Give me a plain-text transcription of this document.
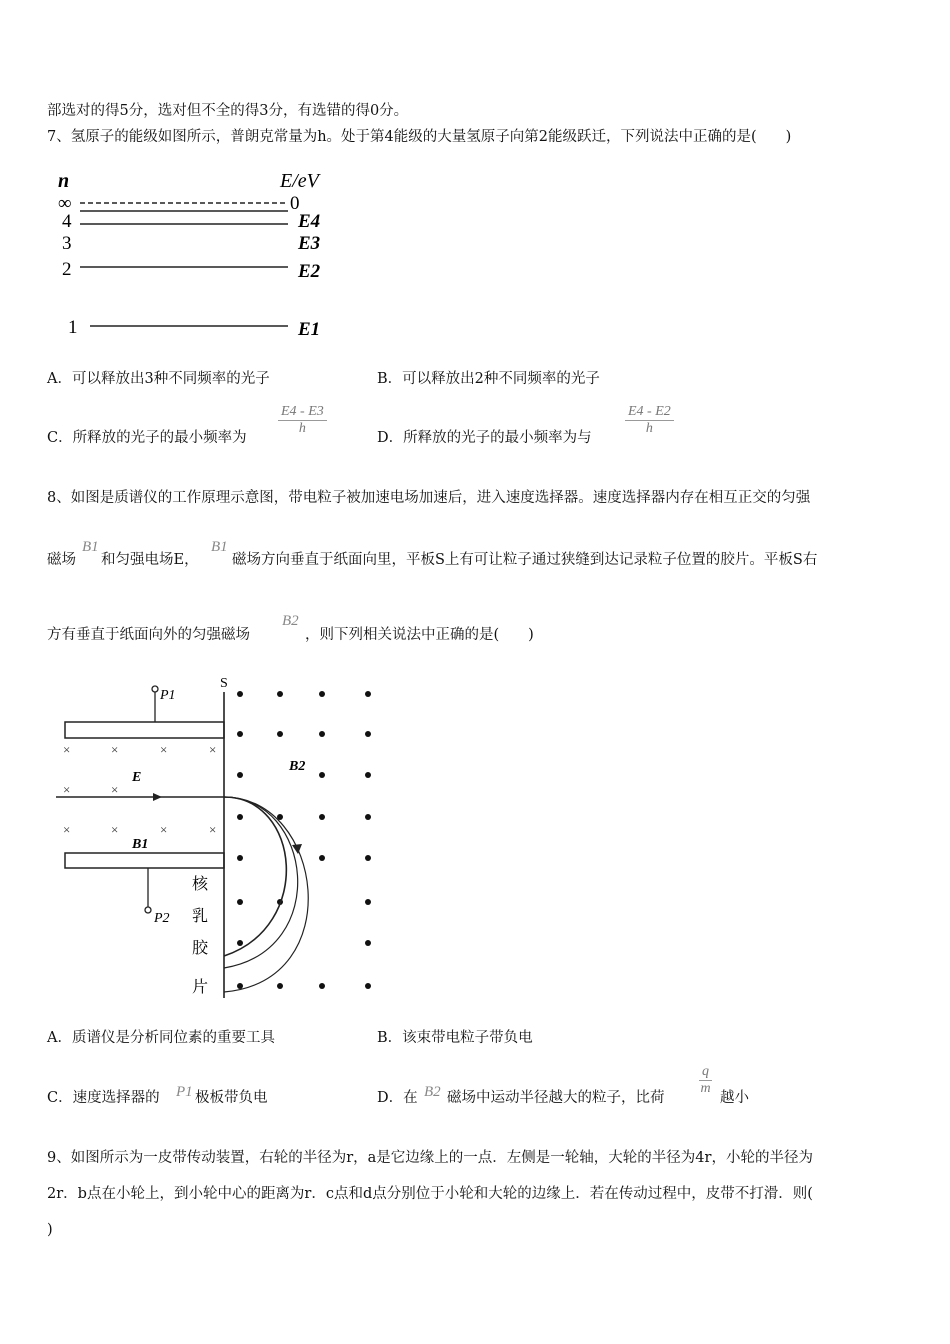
部选对的得5分，选对但不全的得3分，有选错的得0分。
7、氢原子的能级如图所示，普朗克常量为h。处于第4能级的大量氢原子向第2能级跃迁，下列说法中正确的是(　　)
n	E/eV
∞
4
3
2
1
0
E4
E3
E2
E1
A．可以释放出3种不同频率的光子	B．可以释放出2种不同频率的光子
C．所释放的光子的最小频率为
$\frac{E4 - E3}{h}$
D．所释放的光子的最小频率为与
$\frac{E4 - E2}{h}$
8、如图是质谱仪的工作原理示意图，带电粒子被加速电场加速后，进入速度选择器。速度选择器内存在相互正交的匀强
磁场
B1
和匀强电场E，
B1
磁场方向垂直于纸面向里，平板S上有可让粒子通过狭缝到达记录粒子位置的胶片。平板S右
方有垂直于纸面向外的匀强磁场
B2
，则下列相关说法中正确的是(　　)
S
P1
P2
×	×	×	×
×	×	×	×
×	×
E
B1
B2
核
乳
胶
片
A．质谱仪是分析同位素的重要工具	B．该束带电粒子带负电
C．速度选择器的 P1 极板带负电	D．在 B2 磁场中运动半径越大的粒子，比荷
$\frac{q}{m}$
越小
9、如图所示为一皮带传动装置，右轮的半径为r，a是它边缘上的一点．左侧是一轮轴，大轮的半径为4r，小轮的半径为
2r．b点在小轮上，到小轮中心的距离为r．c点和d点分别位于小轮和大轮的边缘上．若在传动过程中，皮带不打滑．则(
)
